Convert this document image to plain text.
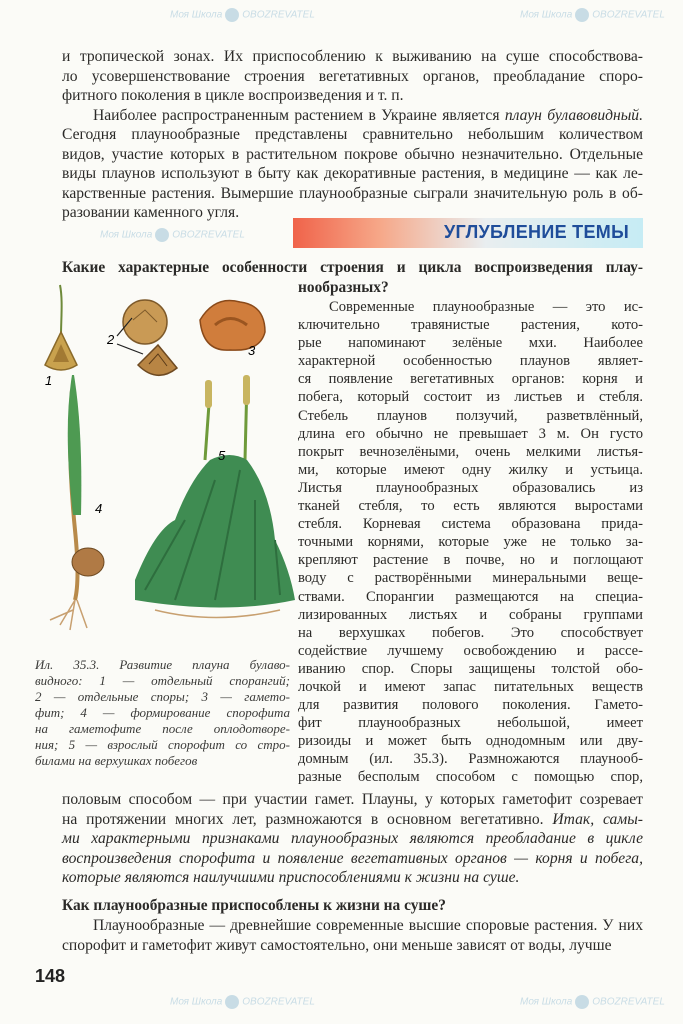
и тропической зонах. Их приспособлению к выживанию на суше способствова-
ло усовершенствование строения вегетативных органов, преобладание споро-
фитного поколения в цикле воспроизведения и т. п.
Наиболее распространенным растением в Украине является плаун булавовидный.
Сегодня плаунообразные представлены сравнительно небольшим количеством
видов, участие которых в растительном покрове обычно незначительно. Отдельные
виды плаунов используют в быту как декоративные растения, в медицине — как ле-
карственные растения. Вымершие плаунообразные сыграли значительную роль в об-
разовании каменного угля.
УГЛУБЛЕНИЕ ТЕМЫ
Какие характерные особенности строения и цикла воспроизведения плау-
нообразных?
1
2
3
4
5
Современные плаунообразные — это ис-
ключительно травянистые растения, кото-
рые напоминают зелёные мхи. Наиболее
характерной особенностью плаунов являет-
ся появление вегетативных органов: корня и
побега, который состоит из листьев и стебля.
Стебель плаунов ползучий, разветвлённый,
длина его обычно не превышает 3 м. Он густо
покрыт вечнозелёными, очень мелкими листья-
ми, которые имеют одну жилку и устьица.
Листья плаунообразных образовались из
тканей стебля, то есть являются выростами
стебля. Корневая система образована прида-
точными корнями, которые уже не только за-
крепляют растение в почве, но и поглощают
воду с растворёнными минеральными веще-
ствами. Спорангии размещаются на специа-
лизированных листьях и собраны группами
на верхушках побегов. Это способствует
содействие лучшему освобождению и рассе-
иванию спор. Споры защищены толстой обо-
лочкой и имеют запас питательных веществ
для развития полового поколения. Гамето-
фит плаунообразных небольшой, имеет
ризоиды и может быть однодомным или дву-
домным (ил. 35.3). Размножаются плаунооб-
разные бесполым способом с помощью спор,
Ил. 35.3. Развитие плауна булаво-
видного: 1 — отдельный спорангий;
2 — отдельные споры; 3 — гамето-
фит; 4 — формирование спорофита
на гаметофите после оплодотворе-
ния; 5 — взрослый спорофит со стро-
билами на верхушках побегов
половым способом — при участии гамет. Плауны, у которых гаметофит созревает
на протяжении многих лет, размножаются в основном вегетативно. Итак, самы-
ми характерными признаками плаунообразных являются преобладание в цикле
воспроизведения спорофита и появление вегетативных органов — корня и побега,
которые являются наилучшими приспособлениями к жизни на суше.
Как плаунообразные приспособлены к жизни на суше?
Плаунообразные — древнейшие современные высшие споровые растения. У них
спорофит и гаметофит живут самостоятельно, они меньше зависят от воды, лучше
148
Моя Школа OBOZREVATEL	Моя Школа OBOZREVATEL
Моя Школа OBOZREVATEL
Моя Школа OBOZREVATEL	Моя Школа OBOZREVATEL
